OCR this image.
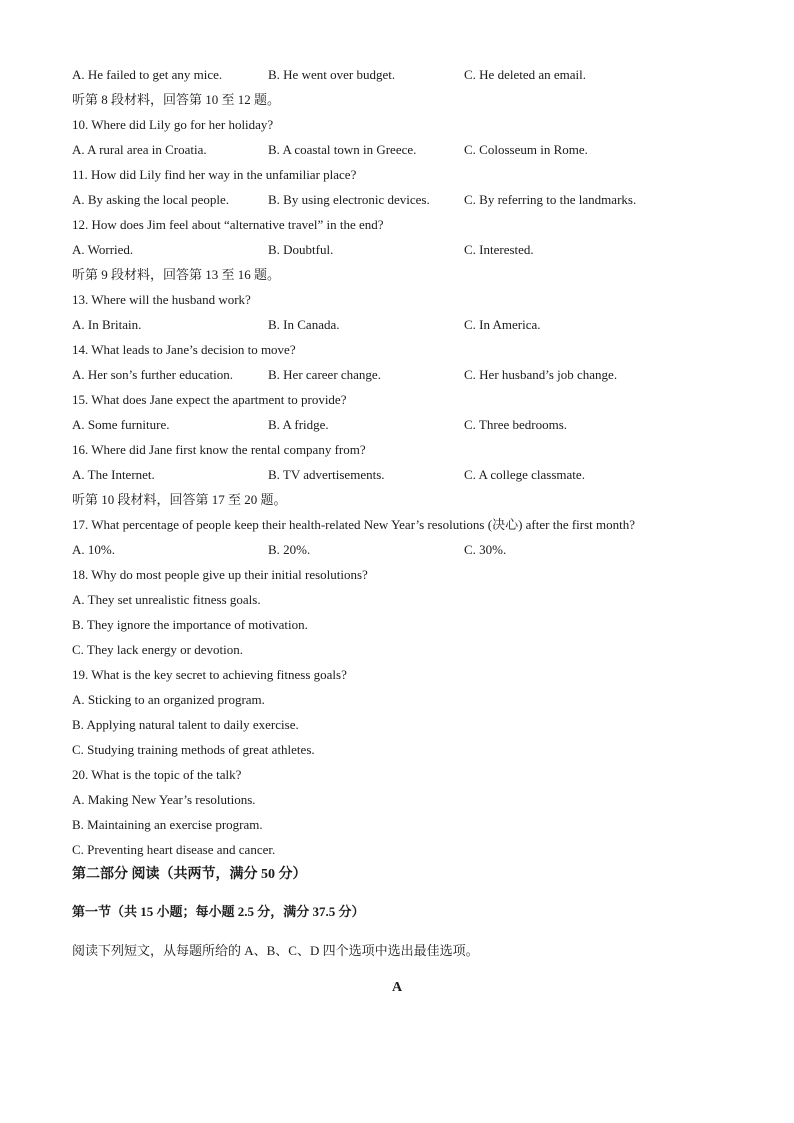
A. He failed to get any mice.	B. He went over budget.	C. He deleted an email.
听第 8 段材料，回答第 10 至 12 题。
10. Where did Lily go for her holiday?
A. A rural area in Croatia.	B. A coastal town in Greece.	C. Colosseum in Rome.
11. How did Lily find her way in the unfamiliar place?
A. By asking the local people.	B. By using electronic devices.	C. By referring to the landmarks.
12. How does Jim feel about “alternative travel” in the end?
A. Worried.	B. Doubtful.	C. Interested.
听第 9 段材料，回答第 13 至 16 题。
13. Where will the husband work?
A. In Britain.	B. In Canada.	C. In America.
14. What leads to Jane’s decision to move?
A. Her son’s further education.	B. Her career change.	C. Her husband’s job change.
15. What does Jane expect the apartment to provide?
A. Some furniture.	B. A fridge.	C. Three bedrooms.
16. Where did Jane first know the rental company from?
A. The Internet.	B. TV advertisements.	C. A college classmate.
听第 10 段材料，回答第 17 至 20 题。
17. What percentage of people keep their health-related New Year’s resolutions (决心) after the first month?
A. 10%.	B. 20%.	C. 30%.
18. Why do most people give up their initial resolutions?
A. They set unrealistic fitness goals.
B. They ignore the importance of motivation.
C. They lack energy or devotion.
19. What is the key secret to achieving fitness goals?
A. Sticking to an organized program.
B. Applying natural talent to daily exercise.
C. Studying training methods of great athletes.
20. What is the topic of the talk?
A. Making New Year’s resolutions.
B. Maintaining an exercise program.
C. Preventing heart disease and cancer.
第二部分 阅读（共两节，满分 50 分）
第一节（共 15 小题；每小题 2.5 分，满分 37.5 分）
阅读下列短文，从每题所给的 A、B、C、D 四个选项中选出最佳选项。
A
